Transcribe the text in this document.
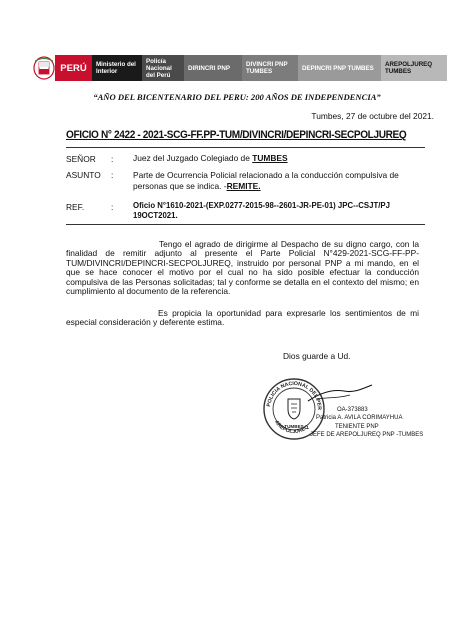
PERÚ	Ministerio del Interior
Policía Nacional del Perú
DIRINCRI PNP	DIVINCRI PNP TUMBES	DEPINCRI PNP TUMBES	AREPOLJUREQ TUMBES
“AÑO DEL BICENTENARIO DEL PERU: 200 AÑOS DE INDEPENDENCIA”
Tumbes, 27 de octubre del 2021.
OFICIO N° 2422 - 2021-SCG-FF.PP-TUM/DIVINCRI/DEPINCRI-SECPOLJUREQ
SEÑOR : Juez del Juzgado Colegiado de TUMBES
ASUNTO : Parte de Ocurrencia Policial relacionado a la conducción compulsiva de personas que se indica. -REMITE.
REF.	:	Oficio N°1610-2021-(EXP.0277-2015-98--2601-JR-PE-01) JPC--CSJT/PJ 19OCT2021.
Tengo el agrado de dirigirme al Despacho de su digno cargo, con la finalidad de remitir adjunto al presente el Parte Policial N°429-2021-SCG-FF-PP-TUM/DIVINCRI/DEPINCRI-SECPOLJUREQ, instruido por personal PNP a mi mando, en el que se hace conocer el motivo por el cual no ha sido posible efectuar la conducción compulsiva de las Personas solicitadas; tal y conforme se detalla en el contexto del mismo; en cumplimiento al documento de la referencia.
Es propicia la oportunidad para expresarle los sentimientos de mi especial consideración y deferente estima.
Dios guarde a Ud.
POLICIA NACIONAL DEL PER
AREPOLJUREQ
TUMBES
OA-373883
Patricia A. AVILA CORIMAYHUA
TENIENTE PNP
JEFE DE AREPOLJUREQ PNP -TUMBES
